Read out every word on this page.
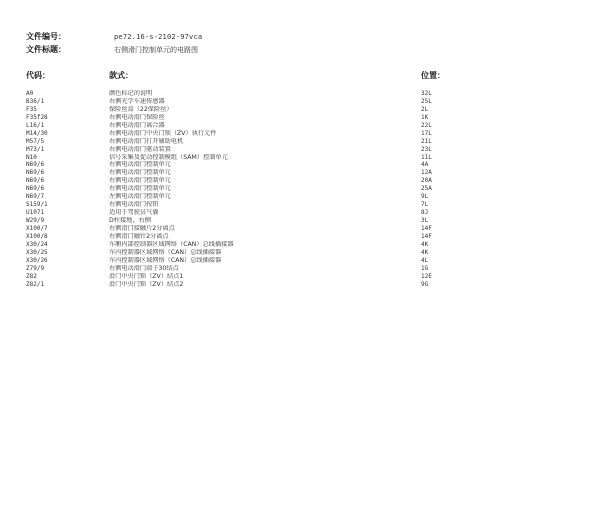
文件编号：	pe72.16-s-2102-97vca
文件标题：	右侧滑门控制单元的电路图
代码：	款式：	位置：
A0	颜色标记的说明	32L
B36/1	右侧光学车速传感器	25L
F35	保险丝盒（22保险丝）	2L
F35f28	右侧电动滑门保险丝	1K
L16/1	右侧电动滑门离合器	22L
M14/30	右侧电动滑门中央门锁（ZV）执行元件	17L
M57/5	右侧电动滑门打开辅助电机	21L
M73/1	右侧电动滑门驱动装置	23L
N10	信号采集及促动控制模组（SAM）控制单元	11L
N69/6	右侧电动滑门控制单元	4A
N69/6	右侧电动滑门控制单元	12A
N69/6	右侧电动滑门控制单元	20A
N69/6	右侧电动滑门控制单元	25A
N69/7	左侧电动滑门控制单元	9L
S159/1	右侧电动滑门按钮	7L
U1071	适用于驾驶员气囊	8J
W29/9	D柱接地，右侧	3L
X100/7	右侧滑门接触片2分离点	14F
X100/8	右侧滑门触针2分离点	14F
X30/24	车厢内部控制器区域网络（CAN）总线插接器	4K
X30/25	车内控制器区域网络（CAN）总线插接器	4K
X30/26	车内控制器区域网络（CAN）总线插接器	4L
Z79/9	右侧电动滑门端子30结点	1G
Z82	滑门中央门锁（ZV）结点1	12E
Z82/1	滑门中央门锁（ZV）结点2	9G
